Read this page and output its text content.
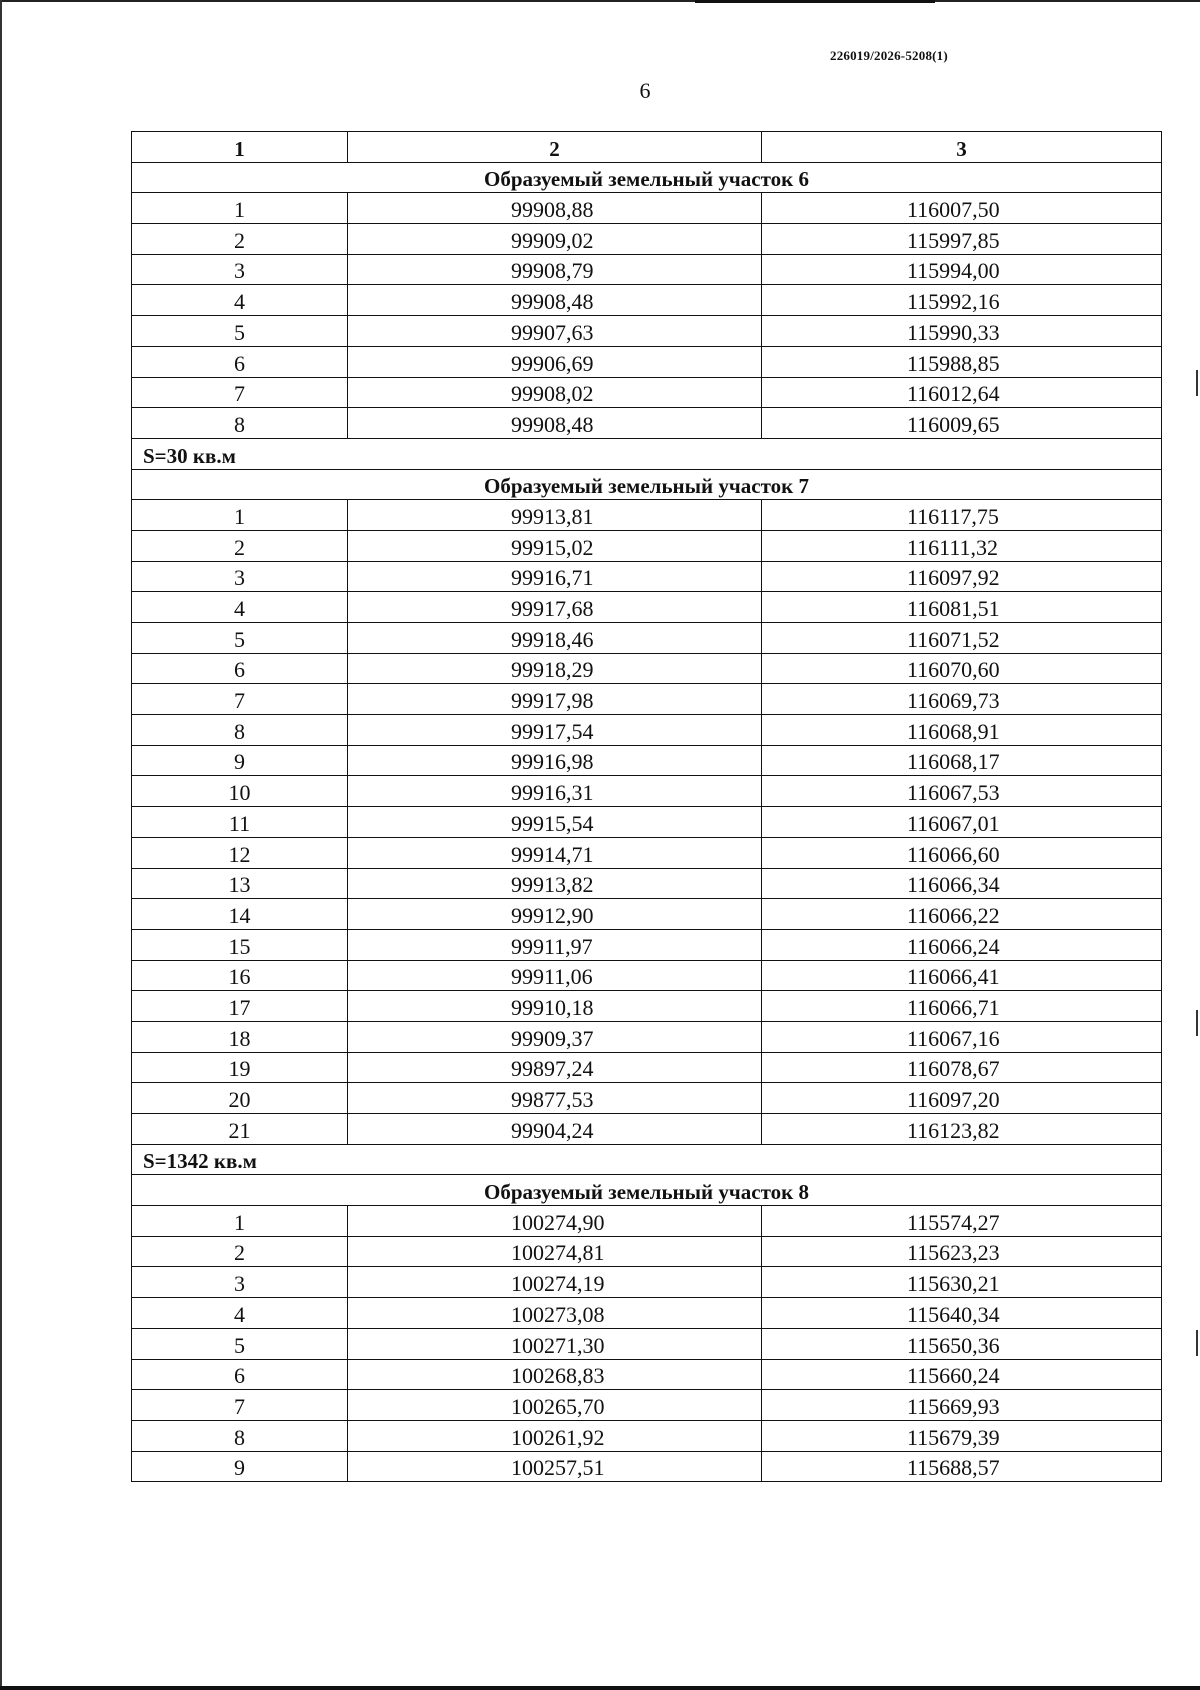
226019/2026-5208(1)
6
1	2	3
Образуемый земельный участок 6		
1	99908,88	116007,50
2	99909,02	115997,85
3	99908,79	115994,00
4	99908,48	115992,16
5	99907,63	115990,33
6	99906,69	115988,85
7	99908,02	116012,64
8	99908,48	116009,65
S=30 кв.м		
Образуемый земельный участок 7		
1	99913,81	116117,75
2	99915,02	116111,32
3	99916,71	116097,92
4	99917,68	116081,51
5	99918,46	116071,52
6	99918,29	116070,60
7	99917,98	116069,73
8	99917,54	116068,91
9	99916,98	116068,17
10	99916,31	116067,53
11	99915,54	116067,01
12	99914,71	116066,60
13	99913,82	116066,34
14	99912,90	116066,22
15	99911,97	116066,24
16	99911,06	116066,41
17	99910,18	116066,71
18	99909,37	116067,16
19	99897,24	116078,67
20	99877,53	116097,20
21	99904,24	116123,82
S=1342 кв.м		
Образуемый земельный участок 8		
1	100274,90	115574,27
2	100274,81	115623,23
3	100274,19	115630,21
4	100273,08	115640,34
5	100271,30	115650,36
6	100268,83	115660,24
7	100265,70	115669,93
8	100261,92	115679,39
9	100257,51	115688,57
